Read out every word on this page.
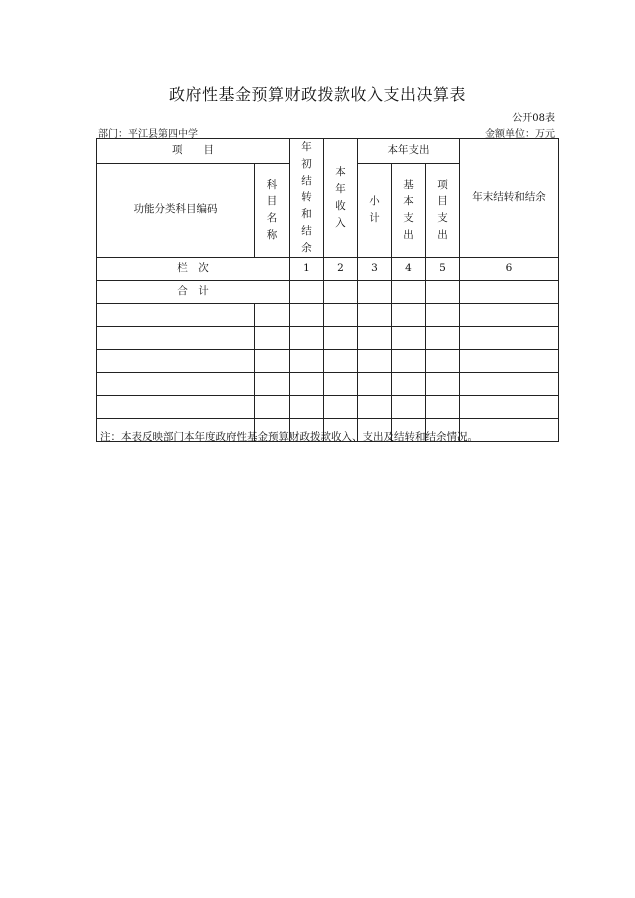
政府性基金预算财政拨款收入支出决算表
公开08表
部门：平江县第四中学	金额单位：万元
项　　目		年初结转和结余	本年收入	本年支出			年末结转和结余
功能分类科目编码	科目名称			小计	基本支出	项目支出	
栏　次		1	2	3	4	5	6
合　计							

注：本表反映部门本年度政府性基金预算财政拨款收入、支出及结转和结余情况。
